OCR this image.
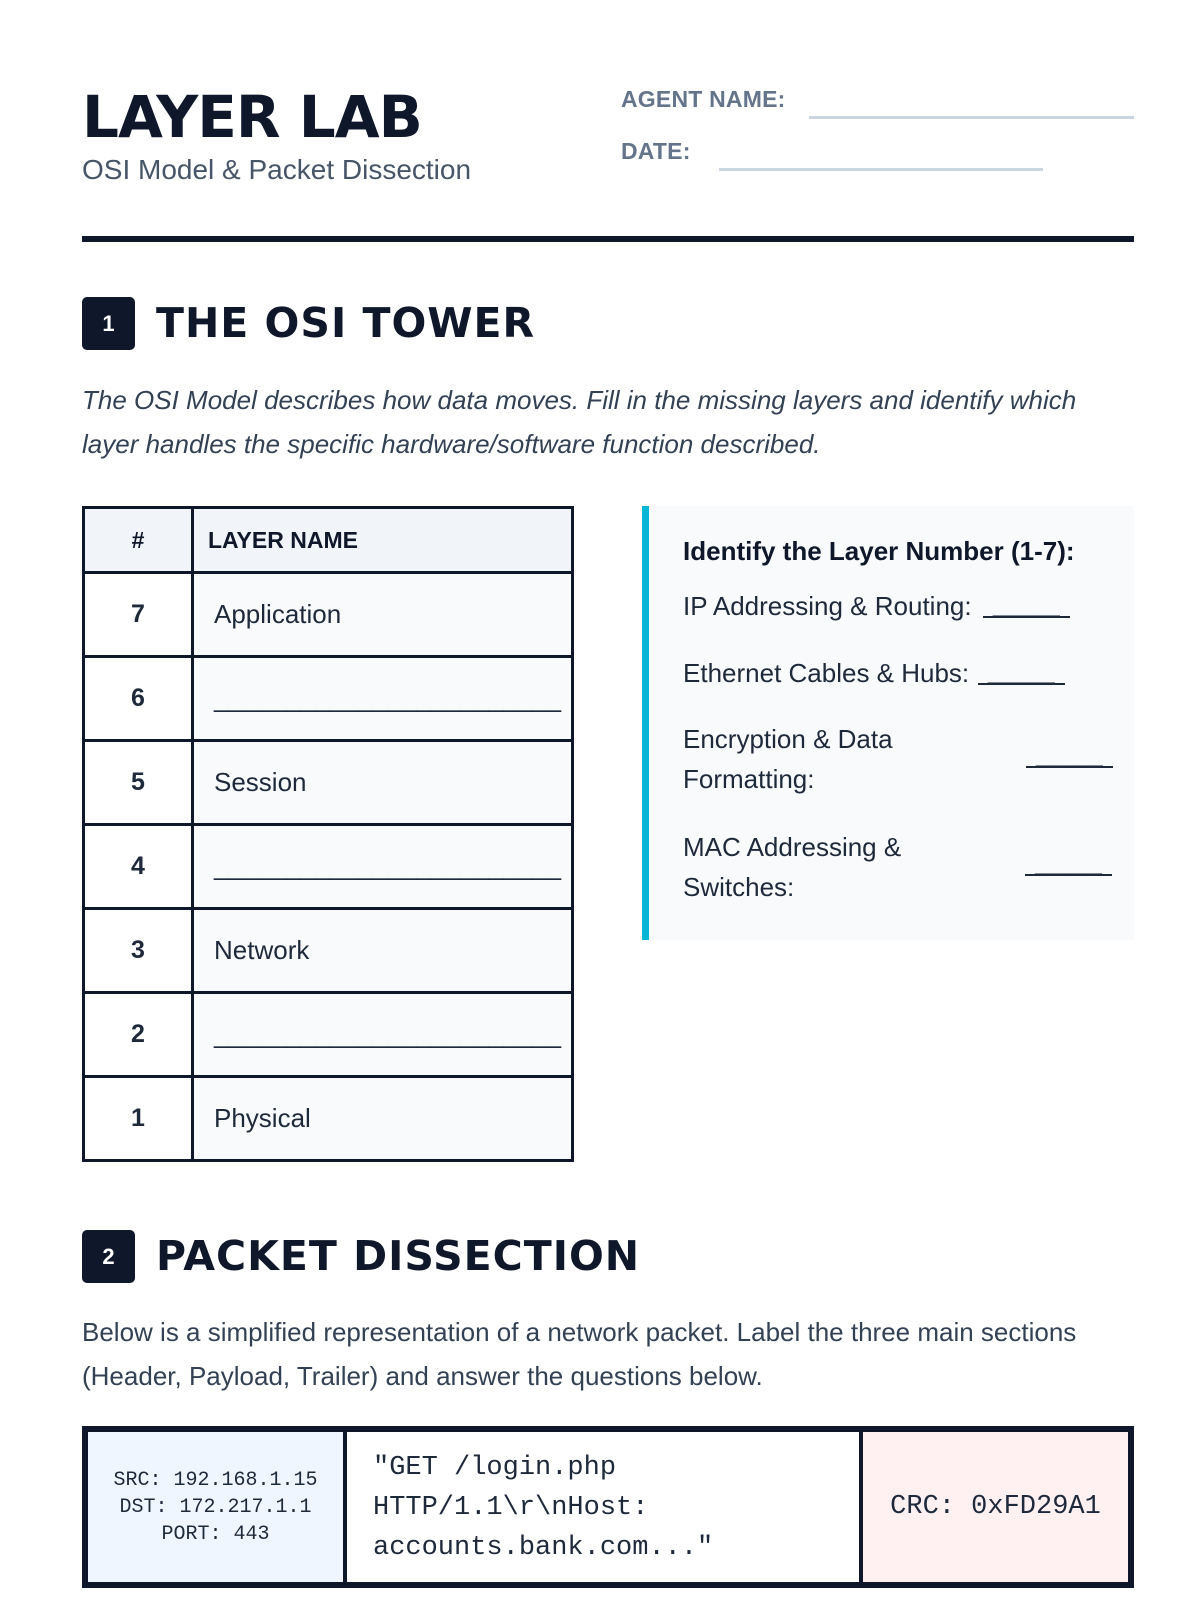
LAYER LAB
OSI Model & Packet Dissection
AGENT NAME:
DATE:
1	THE OSI TOWER
The OSI Model describes how data moves. Fill in the missing layers and identify which layer handles the specific hardware/software function described.
#	LAYER NAME
7	Application
6	________________________
5	Session
4	________________________
3	Network
2	________________________
1	Physical
Identify the Layer Number (1-7):
IP Addressing & Routing: _____
Ethernet Cables & Hubs: _____
Encryption & Data
Formatting:
_____
MAC Addressing &
Switches:
_____
2	PACKET DISSECTION
Below is a simplified representation of a network packet. Label the three main sections (Header, Payload, Trailer) and answer the questions below.
SRC: 192.168.1.15
DST: 172.217.1.1
PORT: 443
"GET /login.php
HTTP/1.1\r\nHost:
accounts.bank.com..."
CRC: 0xFD29A1
